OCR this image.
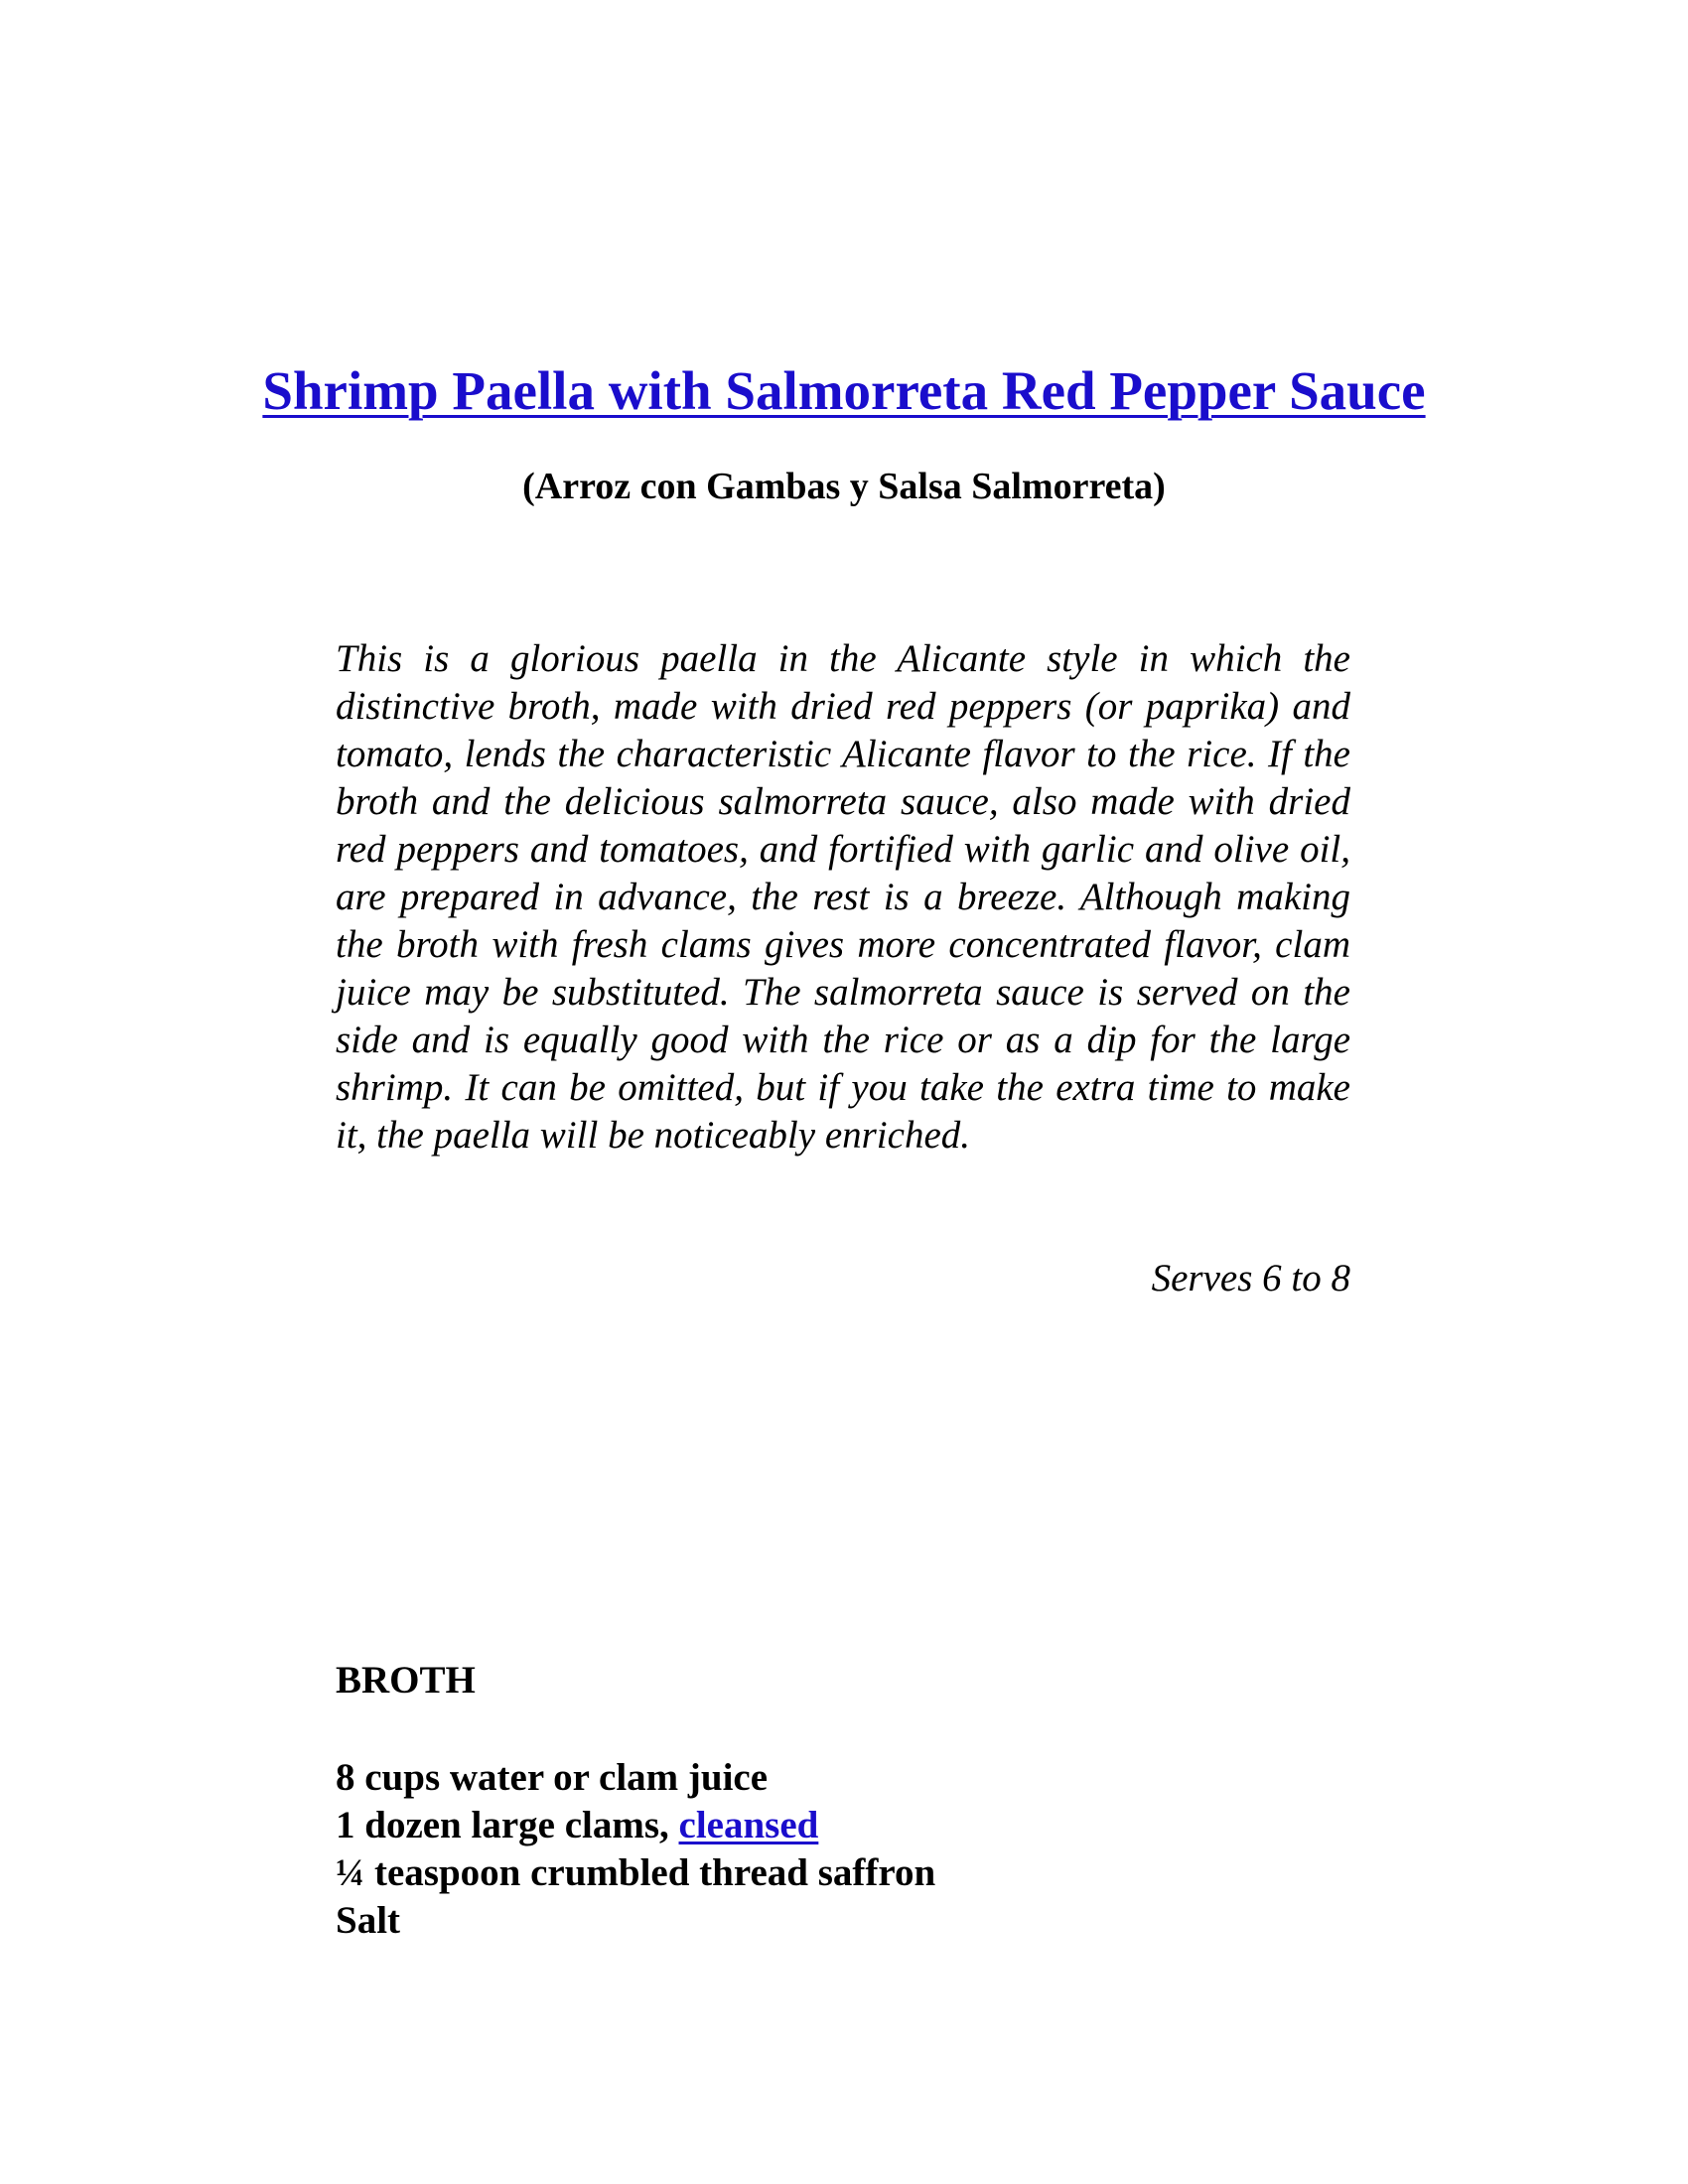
Shrimp Paella with Salmorreta Red Pepper Sauce
(Arroz con Gambas y Salsa Salmorreta)

This is a glorious paella in the Alicante style in which the distinctive broth, made with dried red peppers (or paprika) and tomato, lends the characteristic Alicante flavor to the rice. If the broth and the delicious salmorreta sauce, also made with dried red peppers and tomatoes, and fortified with garlic and olive oil, are prepared in advance, the rest is a breeze. Although making the broth with fresh clams gives more concentrated flavor, clam juice may be substituted. The salmorreta sauce is served on the side and is equally good with the rice or as a dip for the large shrimp. It can be omitted, but if you take the extra time to make it, the paella will be noticeably enriched.

Serves 6 to 8
BROTH
8 cups water or clam juice
1 dozen large clams, cleansed
¼ teaspoon crumbled thread saffron
Salt
